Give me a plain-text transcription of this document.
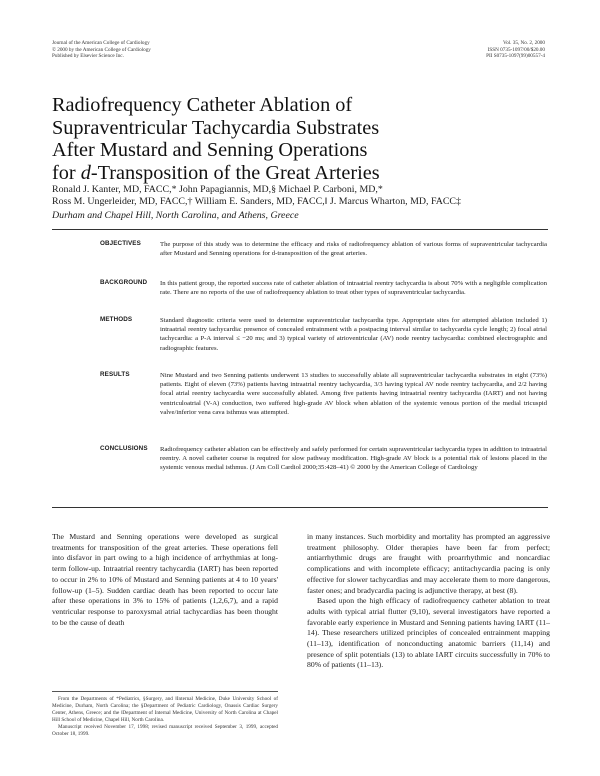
Journal of the American College of Cardiology
© 2000 by the American College of Cardiology
Published by Elsevier Science Inc.
Vol. 35, No. 2, 2000
ISSN 0735-1097/00/$20.00
PII S0735-1097(99)00557-4
Radiofrequency Catheter Ablation of
Supraventricular Tachycardia Substrates
After Mustard and Senning Operations
for d-Transposition of the Great Arteries
Ronald J. Kanter, MD, FACC,* John Papagiannis, MD,§ Michael P. Carboni, MD,*
Ross M. Ungerleider, MD, FACC,† William E. Sanders, MD, FACC,‖ J. Marcus Wharton, MD, FACC‡
Durham and Chapel Hill, North Carolina, and Athens, Greece
OBJECTIVES	The purpose of this study was to determine the efficacy and risks of radiofrequency ablation of various forms of supraventricular tachycardia after Mustard and Senning operations for d-transposition of the great arteries.
BACKGROUND	In this patient group, the reported success rate of catheter ablation of intraatrial reentry tachycardia is about 70% with a negligible complication rate. There are no reports of the use of radiofrequency ablation to treat other types of supraventricular tachycardia.
METHODS	Standard diagnostic criteria were used to determine supraventricular tachycardia type. Appropriate sites for attempted ablation included 1) intraatrial reentry tachycardia: presence of concealed entrainment with a postpacing interval similar to tachycardia cycle length; 2) focal atrial tachycardia: a P-A interval ≤ −20 ms; and 3) typical variety of atrioventricular (AV) node reentry tachycardia: combined electrographic and radiographic features.
RESULTS	Nine Mustard and two Senning patients underwent 13 studies to successfully ablate all supraventricular tachycardia substrates in eight (73%) patients. Eight of eleven (73%) patients having intraatrial reentry tachycardia, 3/3 having typical AV node reentry tachycardia, and 2/2 having focal atrial reentry tachycardia were successfully ablated. Among five patients having intraatrial reentry tachycardia (IART) and not having ventriculoatrial (V-A) conduction, two suffered high-grade AV block when ablation of the systemic venous portion of the medial tricuspid valve/inferior vena cava isthmus was attempted.
CONCLUSIONS	Radiofrequency catheter ablation can be effectively and safely performed for certain supraventricular tachycardia types in addition to intraatrial reentry. A novel catheter course is required for slow pathway modification. High-grade AV block is a potential risk of lesions placed in the systemic venous medial isthmus. (J Am Coll Cardiol 2000;35:428–41) © 2000 by the American College of Cardiology

The Mustard and Senning operations were developed as surgical treatments for transposition of the great arteries. These operations fell into disfavor in part owing to a high incidence of arrhythmias at long-term follow-up. Intraatrial reentry tachycardia (IART) has been reported to occur in 2% to 10% of Mustard and Senning patients at 4 to 10 years' follow-up (1–5). Sudden cardiac death has been reported to occur late after these operations in 3% to 15% of patients (1,2,6,7), and a rapid ventricular response to paroxysmal atrial tachycardias has been thought to be the cause of death

in many instances. Such morbidity and mortality has prompted an aggressive treatment philosophy. Older therapies have been far from perfect; antiarrhythmic drugs are fraught with proarrhythmic and noncardiac complications and with incomplete efficacy; antitachycardia pacing is only effective for slower tachycardias and may accelerate them to more dangerous, faster ones; and bradycardia pacing is adjunctive therapy, at best (8).

Based upon the high efficacy of radiofrequency catheter ablation to treat adults with typical atrial flutter (9,10), several investigators have reported a favorable early experience in Mustard and Senning patients having IART (11–14). These researchers utilized principles of concealed entrainment mapping (11–13), identification of nonconducting anatomic barriers (11,14) and presence of split potentials (13) to ablate IART circuits successfully in 70% to 80% of patients (11–13).

From the Departments of *Pediatrics, §Surgery, and ‖Internal Medicine, Duke University School of Medicine, Durham, North Carolina; the §Department of Pediatric Cardiology, Onassis Cardiac Surgery Center, Athens, Greece; and the ‖Department of Internal Medicine, University of North Carolina at Chapel Hill School of Medicine, Chapel Hill, North Carolina.

Manuscript received November 17, 1998; revised manuscript received September 3, 1999, accepted October 18, 1999.
